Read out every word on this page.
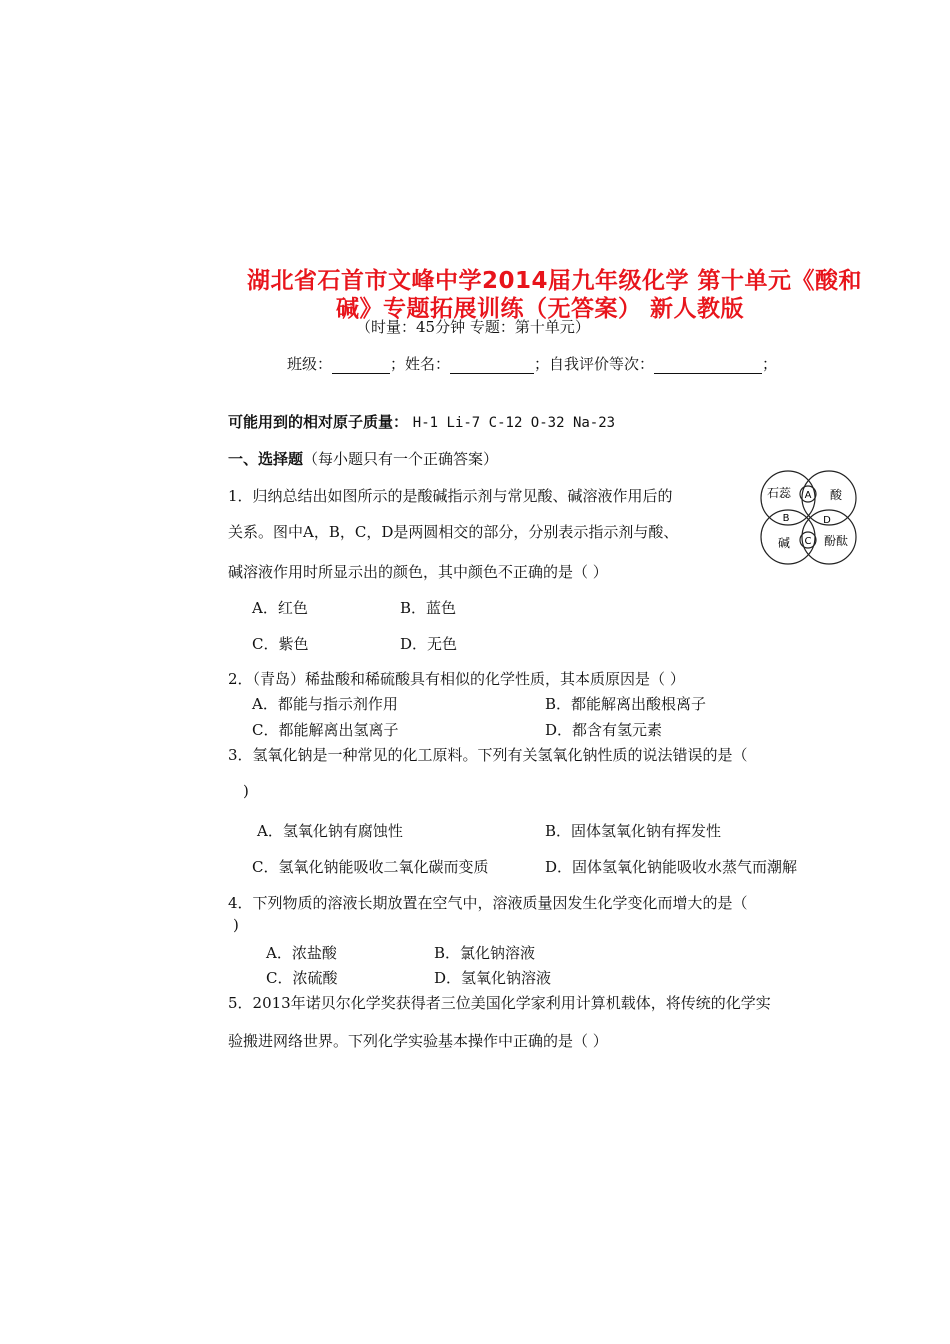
湖北省石首市文峰中学2014届九年级化学 第十单元《酸和
碱》专题拓展训练（无答案） 新人教版
（时量：45分钟 专题：第十单元）
班级：	；姓名：	；自我评价等次：	；
可能用到的相对原子质量： H-1 Li-7 C-12 O-32 Na-23
一、选择题（每小题只有一个正确答案）
1．归纳总结出如图所示的是酸碱指示剂与常见酸、碱溶液作用后的
关系。图中A，B，C，D是两圆相交的部分，分别表示指示剂与酸、
碱溶液作用时所显示出的颜色，其中颜色不正确的是（ ）
A．红色	B．蓝色
C．紫色	D．无色
石蕊	酸
碱	酚酞
A
B
C
D
2．（青岛）稀盐酸和稀硫酸具有相似的化学性质，其本质原因是（ ）
A．都能与指示剂作用	B．都能解离出酸根离子
C．都能解离出氢离子	D．都含有氢元素
3．氢氧化钠是一种常见的化工原料。下列有关氢氧化钠性质的说法错误的是（
)
A．氢氧化钠有腐蚀性	B．固体氢氧化钠有挥发性
C．氢氧化钠能吸收二氧化碳而变质	D．固体氢氧化钠能吸收水蒸气而潮解
4．下列物质的溶液长期放置在空气中，溶液质量因发生化学变化而增大的是（
)
A．浓盐酸	B．氯化钠溶液
C．浓硫酸	D．氢氧化钠溶液
5．2013年诺贝尔化学奖获得者三位美国化学家利用计算机载体，将传统的化学实
验搬进网络世界。下列化学实验基本操作中正确的是（ ）
